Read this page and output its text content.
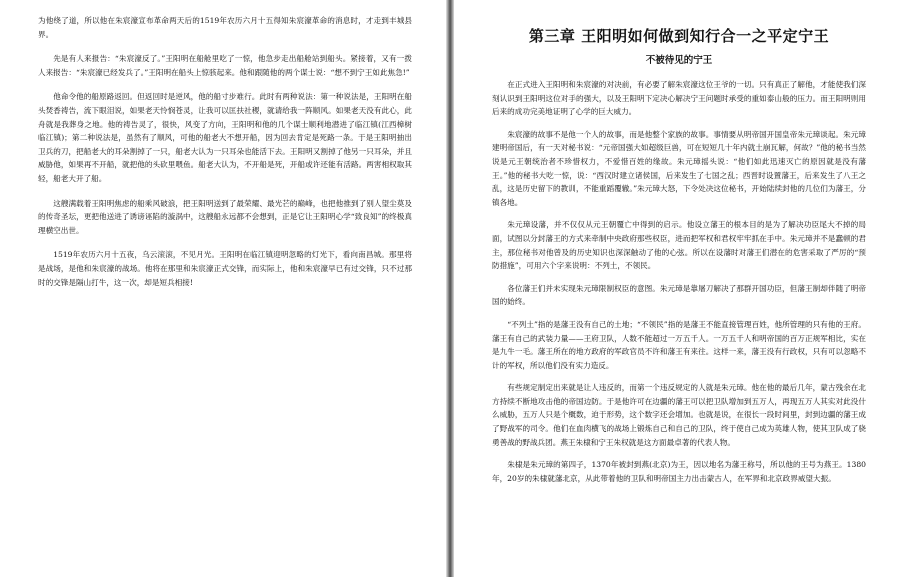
为他绕了道，所以他在朱宸濠宣布革命两天后的1519年农历六月十五得知朱宸濠革命的消息时，才走到丰城县界。

先是有人来报告：“朱宸濠反了。”王阳明在船舱里吃了一惊，他急步走出船舱站到船头。紧接着，又有一拨人来报告：“朱宸濠已经发兵了。”王阳明在船头上惊骇起来。他和跟随他的两个谋士说：“想不到宁王如此焦急!”

他命令他的船原路返回。但返回时是逆风，他的船寸步难行。此时有两种说法：第一种说法是，王阳明在船头焚香祷告，流下眼泪说，如果老天怜悯苍灵，让我可以匡扶社稷，就请给我一阵顺风。如果老天没有此心，此舟就是我葬身之地。他的祷告灵了，很快，风变了方向，王阳明和他的几个谋士顺利地潜进了临江镇(江西樟树临江镇)；第二种说法是，虽然有了顺风，可他的船老大不想开船，因为回去肯定是死路一条。于是王阳明抽出卫兵的刀，把船老大的耳朵割掉了一只，船老大认为一只耳朵也能活下去。王阳明又割掉了他另一只耳朵，并且威胁他，如果再不开船，就把他的头砍里喂鱼。船老大认为，不开船是死，开船或许还能有活路。两害相权取其轻，船老大开了船。

这艘满载着王阳明焦虑的船乘风破浪，把王阳明送到了最荣耀、最光芒的巅峰，也把他推到了别人望尘莫及的传奇圣坛，更把他送进了诱谤诬陷的漩涡中，这艘船永远都不会想到，正是它让王阳明心学“致良知”的终极真理横空出世。

1519年农历六月十五夜，乌云滚滚，不见月光。王阳明在临江镇迎明忽略的灯光下，看向南昌城。那里将是战场，是他和朱宸濠的战场。他将在那里和朱宸濠正式交锋，而实际上，他和朱宸濠早已有过交锋，只不过那时的交锋是隔山打牛，这一次，却是短兵相接!

第三章 王阳明如何做到知行合一之平定宁王
不被待见的宁王

在正式进入王阳明和朱宸濠的对决前，有必要了解朱宸濠这位王爷的一切。只有真正了解他，才能使我们深刻认识到王阳明这位对手的强大，以及王阳明下定决心解决宁王问题时承受的重如泰山般的压力。而王阳明则用后来的成功完美地证明了心学的巨大威力。

朱宸濠的故事不是他一个人的故事，而是他整个家族的故事。事情要从明帝国开国皇帝朱元璋谈起。朱元璋建明帝国后，有一天对秘书说：“元帝国强大如超级巨兽，可在短短几十年内就土崩瓦解，何故？”他的秘书当然说是元王朝统治者不珍惜权力，不爱惜百姓的缘故。朱元璋摇头说：“他们如此迅速灭亡的原因就是没有藩王。”他的秘书大吃一惊，说：“西汉时建立诸侯国，后来发生了七国之乱；西晋时设置藩王，后来发生了八王之乱，这是历史留下的教训，不能重蹈覆辙。”朱元璋大怒，下令处决这位秘书，开始陆续封他的几位们为藩王，分镇各地。

朱元璋设藩，并不仅仅从元王朝覆亡中得到的启示。他设立藩王的根本目的是为了解决功臣尾大不掉的局面，试图以分封藩王的方式来牵制中央政府那些权臣，进而把军权和君权牢牢抓在手中。朱元璋并不是蠢顿的君主，那位秘书对他曾及的历史知识也深深触动了他的心弦。所以在设藩时对藩王们潜在的危害采取了严厉的“预防措施”，可用六个字来说明：不列土，不领民。

各位藩王们并未实现朱元璋限制权臣的意图。朱元璋是靠屠刀解决了那群开国功臣，但藩王制却伴随了明帝国的始终。

“不列土”指的是藩王没有自己的土地；“不领民”指的是藩王不能直接管理百姓，他所管理的只有他的王府。藩王有自己的武装力量——王府卫队，人数不能超过一万五千人。一万五千人和明帝国的百万正规军相比，实在是九牛一毛。藩王所在的地方政府的军政官员不许和藩王有来往。这样一来，藩王没有行政权，只有可以忽略不计的军权，所以他们没有实力造反。

有些规定制定出来就是让人违反的，而第一个违反规定的人就是朱元璋。他在他的最后几年，蒙古残余在北方持续不断地攻击他的帝国边防。于是他许可在边疆的藩王可以把卫队增加到五万人，再现五万人其实对此没什么威胁，五万人只是个概数，迫于形势，这个数字还会增加。也就是说，在很长一段时间里，封到边疆的藩王成了野战军的司令。他们在血肉横飞的战场上锻炼自己和自己的卫队，终于使自己成为英雄人物，使其卫队成了骁勇善战的野战兵团。燕王朱棣和宁王朱权就是这方面最卓著的代表人物。

朱棣是朱元璋的第四子，1370年被封到燕(北京)为王，因以地名为藩王称号，所以他的王号为燕王。1380年，20岁的朱棣就藩北京，从此带着他的卫队和明帝国主力出击蒙古人，在军界和北京政界威望大振。
